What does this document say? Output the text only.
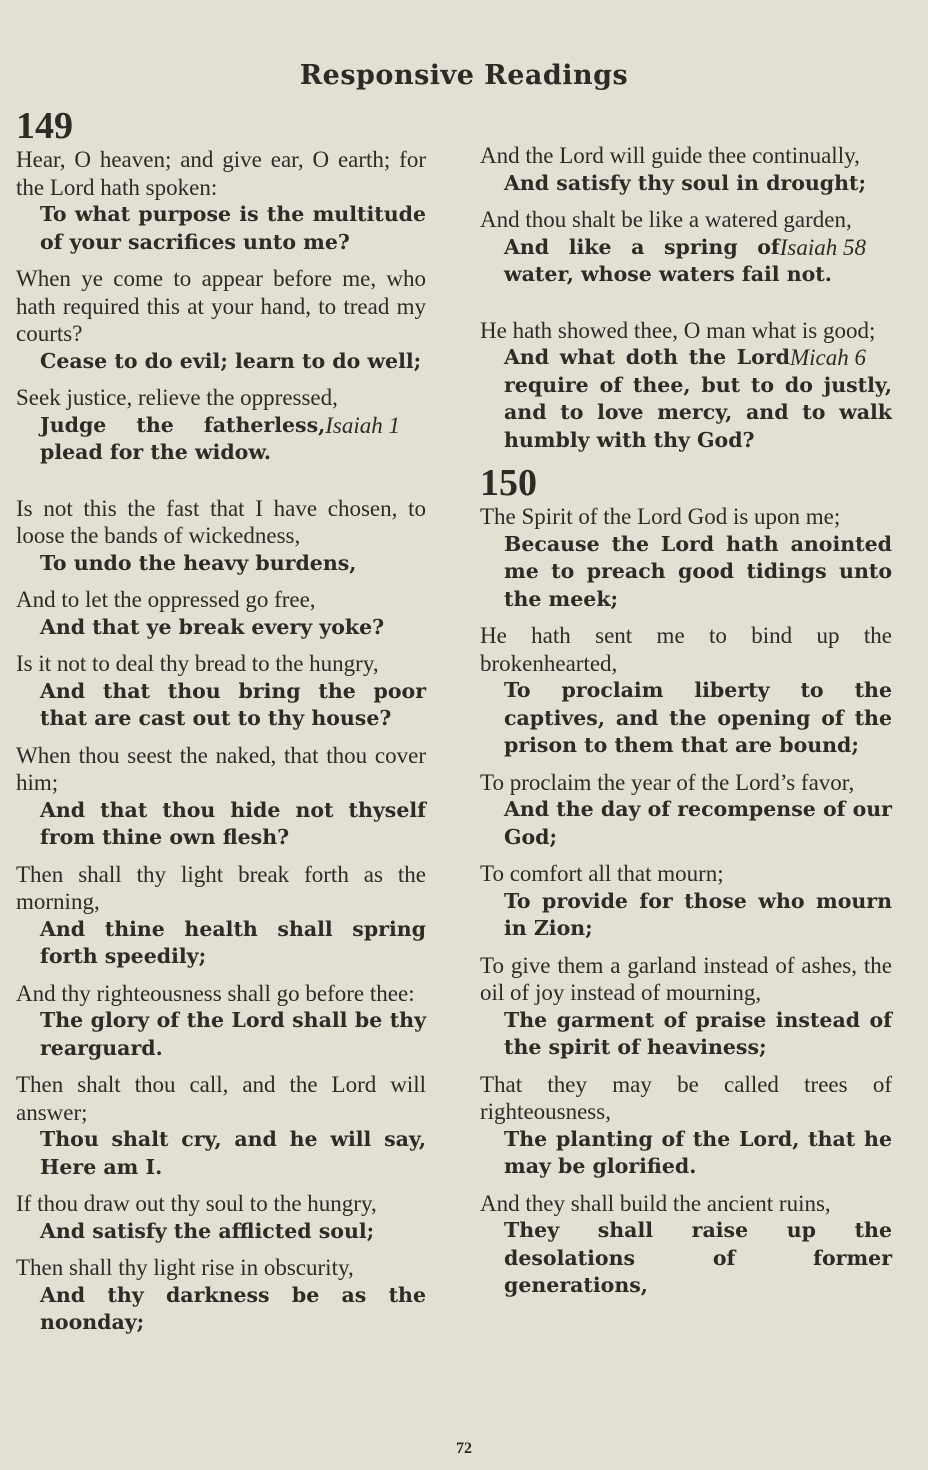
Responsive Readings
149
Hear, O heaven; and give ear, O earth; for the Lord hath spoken:
To what purpose is the multitude of your sacrifices unto me?
When ye come to appear before me, who hath required this at your hand, to tread my courts?
Cease to do evil; learn to do well;
Seek justice, relieve the oppressed,
Isaiah 1
Judge the fatherless, plead for the widow.
Is not this the fast that I have chosen, to loose the bands of wickedness,
To undo the heavy burdens,
And to let the oppressed go free,
And that ye break every yoke?
Is it not to deal thy bread to the hungry,
And that thou bring the poor that are cast out to thy house?
When thou seest the naked, that thou cover him;
And that thou hide not thyself from thine own flesh?
Then shall thy light break forth as the morning,
And thine health shall spring forth speedily;
And thy righteousness shall go before thee:
The glory of the Lord shall be thy rearguard.
Then shalt thou call, and the Lord will answer;
Thou shalt cry, and he will say, Here am I.
If thou draw out thy soul to the hungry,
And satisfy the afflicted soul;
Then shall thy light rise in obscurity,
And thy darkness be as the noonday;
And the Lord will guide thee continually,
And satisfy thy soul in drought;
And thou shalt be like a watered garden,
Isaiah 58
And like a spring of water, whose waters fail not.
He hath showed thee, O man what is good;
Micah 6
And what doth the Lord require of thee, but to do justly, and to love mercy, and to walk humbly with thy God?
150
The Spirit of the Lord God is upon me;
Because the Lord hath anointed me to preach good tidings unto the meek;
He hath sent me to bind up the brokenhearted,
To proclaim liberty to the captives, and the opening of the prison to them that are bound;
To proclaim the year of the Lord’s favor,
And the day of recompense of our God;
To comfort all that mourn;
To provide for those who mourn in Zion;
To give them a garland instead of ashes, the oil of joy instead of mourning,
The garment of praise instead of the spirit of heaviness;
That they may be called trees of righteousness,
The planting of the Lord, that he may be glorified.
And they shall build the ancient ruins,
They shall raise up the desolations of former generations,
72
